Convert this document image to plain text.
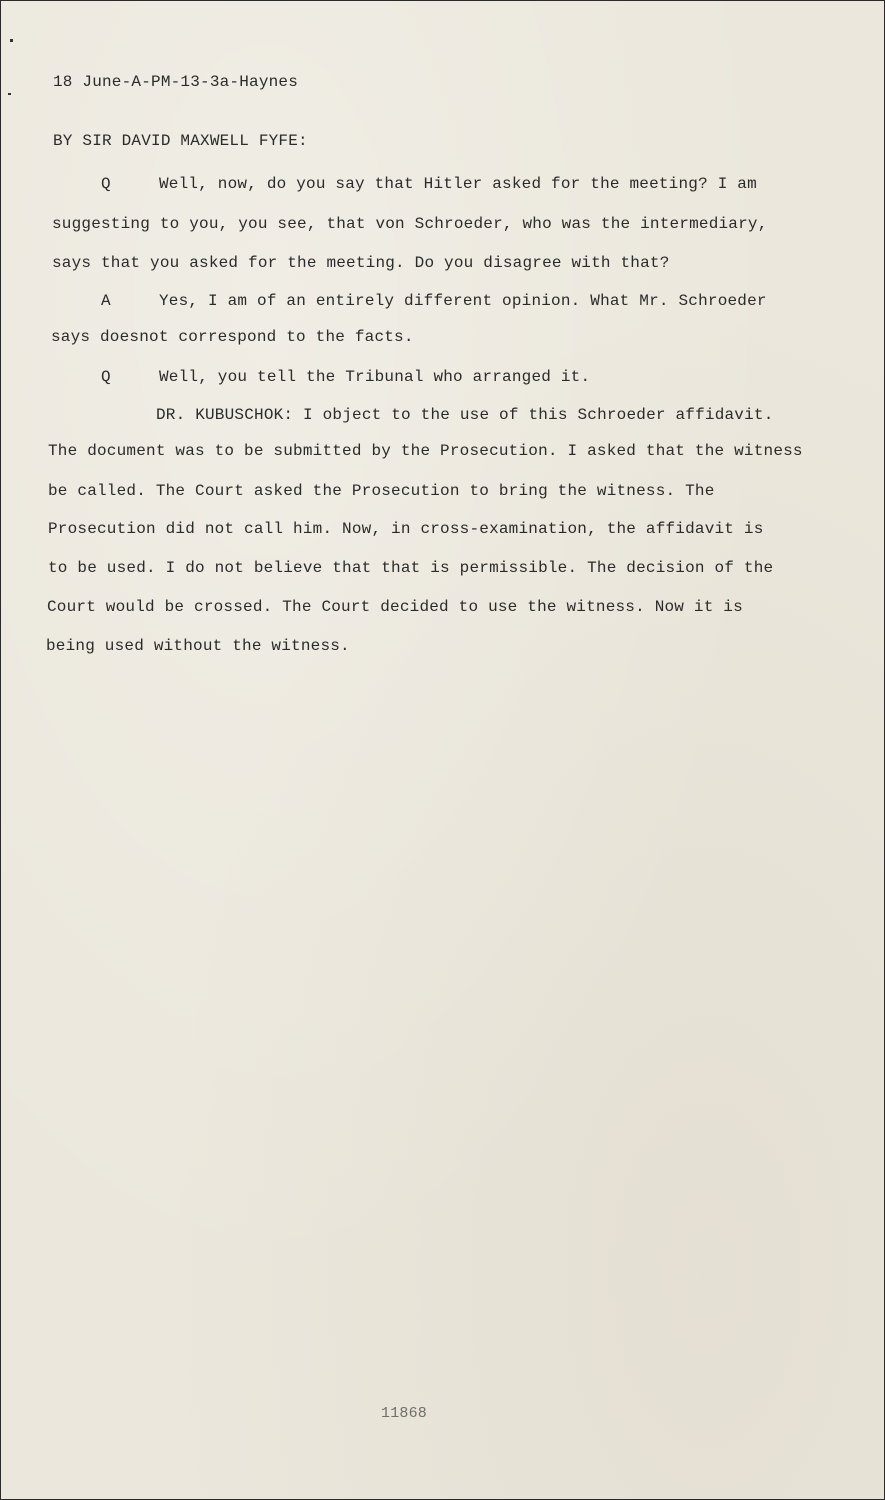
18 June-A-PM-13-3a-Haynes
BY SIR DAVID MAXWELL FYFE:
Q	Well, now, do you say that Hitler asked for the meeting? I am
suggesting to you, you see, that von Schroeder, who was the intermediary,
says that you asked for the meeting. Do you disagree with that?
A	Yes, I am of an entirely different opinion. What Mr. Schroeder
says doesnot correspond to the facts.
Q	Well, you tell the Tribunal who arranged it.
DR. KUBUSCHOK: I object to the use of this Schroeder affidavit.
The document was to be submitted by the Prosecution. I asked that the witness
be called. The Court asked the Prosecution to bring the witness. The
Prosecution did not call him. Now, in cross-examination, the affidavit is
to be used. I do not believe that that is permissible. The decision of the
Court would be crossed. The Court decided to use the witness. Now it is
being used without the witness.
11868
